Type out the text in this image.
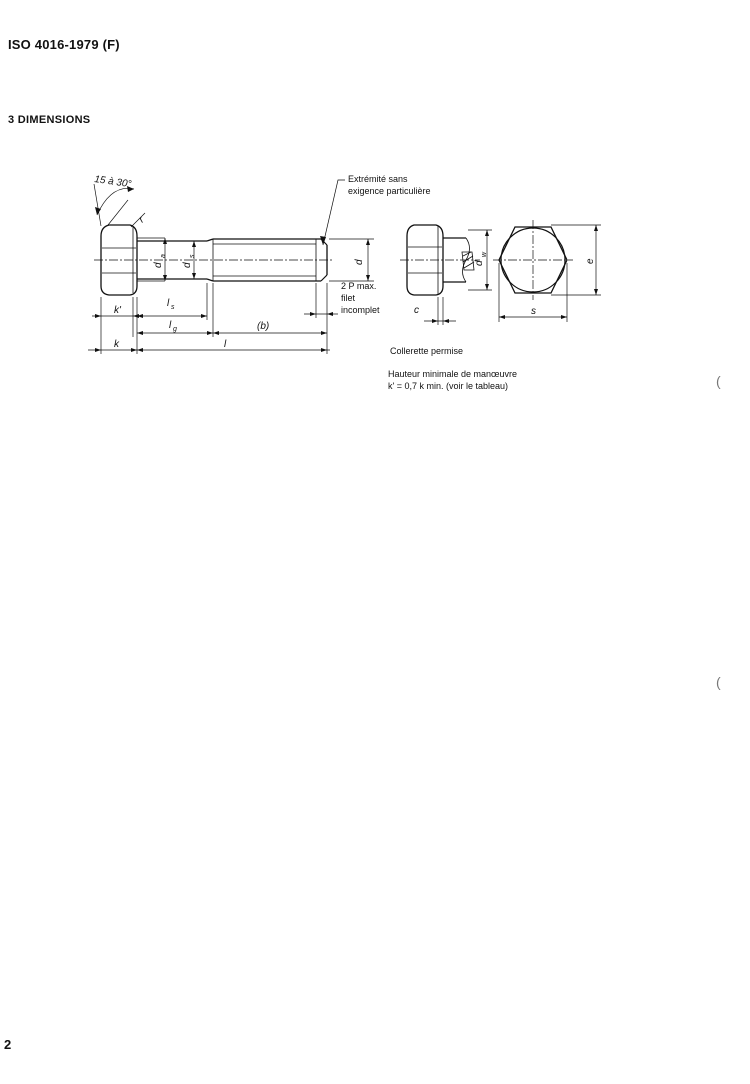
ISO 4016-1979 (F)
3 DIMENSIONS
15 à 30°
r
Extrémité sans
exigence particulière
d
a
d
s
d
2 P max.
filet
incomplet
k'
l s
l g	(b)
k	l
d
w
c	s
e
Collerette permise
Hauteur minimale de manœuvre
k' = 0,7 k min. (voir le tableau)
2
(
(
